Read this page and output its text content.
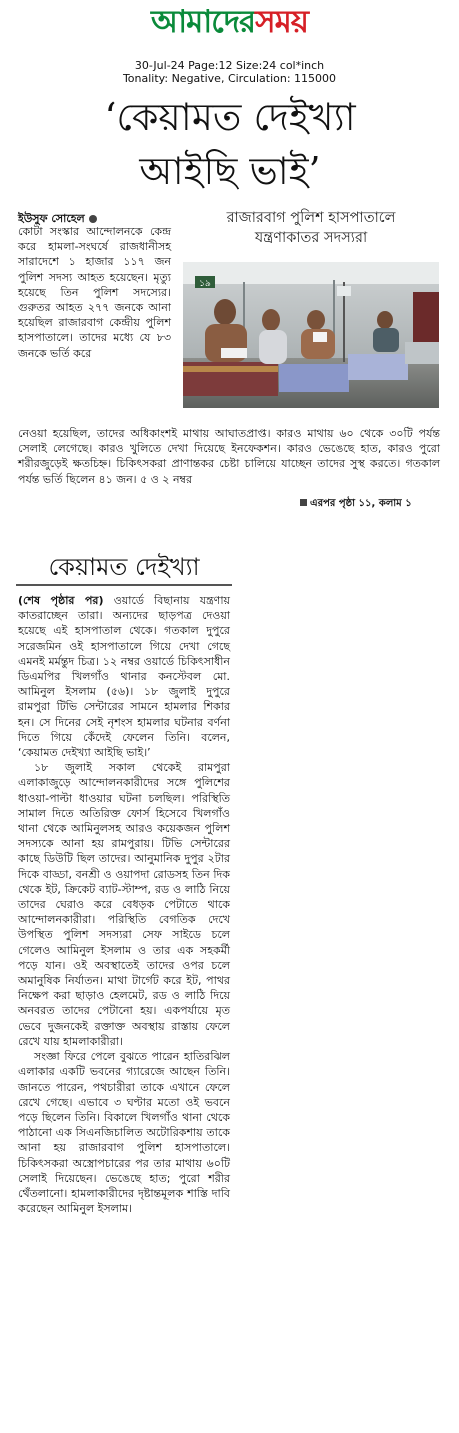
আমাদেরসময়
30-Jul-24 Page:12 Size:24 col*inch
Tonality: Negative, Circulation: 115000
‘কেয়ামত দেইখ্যা
আইছি ভাই’
ইউসুফ সোহেল	রাজারবাগ পুলিশ হাসপাতালে
যন্ত্রণাকাতর সদস্যরা
১৯
কোটা সংস্কার আন্দোলনকে কেন্দ্র করে হামলা-সংঘর্ষে রাজধানীসহ সারাদেশে ১ হাজার ১১৭ জন পুলিশ সদস্য আহত হয়েছেন। মৃত্যু হয়েছে তিন পুলিশ সদস্যের। গুরুতর আহত ২৭৭ জনকে আনা হয়েছিল রাজারবাগ কেন্দ্রীয় পুলিশ হাসপাতালে। তাদের মধ্যে যে ৮৩ জনকে ভর্তি করে
নেওয়া হয়েছিল, তাদের অধিকাংশই মাথায় আঘাতপ্রাপ্ত। কারও মাথায় ৬০ থেকে ৩০টি পর্যন্ত সেলাই লেগেছে। কারও খুলিতে দেখা দিয়েছে ইনফেকশন। কারও ভেঙেছে হাত, কারও পুরো শরীরজুড়েই ক্ষতচিহ্ন। চিকিৎসকরা প্রাণান্তকর চেষ্টা চালিয়ে যাচ্ছেন তাদের সুস্থ করতে। গতকাল পর্যন্ত ভর্তি ছিলেন ৪১ জন। ৫ ও ২ নম্বর
এরপর পৃষ্ঠা ১১, কলাম ১
কেয়ামত দেইখ্যা

(শেষ পৃষ্ঠার পর) ওয়ার্ডে বিছানায় যন্ত্রণায় কাতরাচ্ছেন তারা। অন্যদের ছাড়পত্র দেওয়া হয়েছে এই হাসপাতাল থেকে। গতকাল দুপুরে সরেজমিন ওই হাসপাতালে গিয়ে দেখা গেছে এমনই মর্মন্তুদ চিত্র। ১২ নম্বর ওয়ার্ডে চিকিৎসাধীন ডিএমপির খিলগাঁও থানার কনস্টেবল মো. আমিনুল ইসলাম (৫৬)। ১৮ জুলাই দুপুরে রামপুরা টিভি সেন্টারের সামনে হামলার শিকার হন। সে দিনের সেই নৃশংস হামলার ঘটনার বর্ণনা দিতে গিয়ে কেঁদেই ফেলেন তিনি। বলেন, ‘কেয়ামত দেইখ্যা আইছি ভাই।’

১৮ জুলাই সকাল থেকেই রামপুরা এলাকাজুড়ে আন্দোলনকারীদের সঙ্গে পুলিশের ধাওয়া-পাল্টা ধাওয়ার ঘটনা চলছিল। পরিস্থিতি সামাল দিতে অতিরিক্ত ফোর্স হিসেবে খিলগাঁও থানা থেকে আমিনুলসহ আরও কয়েকজন পুলিশ সদস্যকে আনা হয় রামপুরায়। টিভি সেন্টারের কাছে ডিউটি ছিল তাদের। আনুমানিক দুপুর ২টার দিকে বাড্ডা, বনশ্রী ও ওয়াপদা রোডসহ তিন দিক থেকে ইট, ক্রিকেট ব্যাট-স্টাম্প, রড ও লাঠি নিয়ে তাদের ঘেরাও করে বেধড়ক পেটাতে থাকে আন্দোলনকারীরা। পরিস্থিতি বেগতিক দেখে উপস্থিত পুলিশ সদস্যরা সেফ সাইডে চলে গেলেও আমিনুল ইসলাম ও তার এক সহকর্মী পড়ে যান। ওই অবস্থাতেই তাদের ওপর চলে অমানুষিক নির্যাতন। মাথা টার্গেট করে ইট, পাথর নিক্ষেপ করা ছাড়াও হেলমেট, রড ও লাঠি দিয়ে অনবরত তাদের পেটানো হয়। একপর্যায়ে মৃত ভেবে দুজনকেই রক্তাক্ত অবস্থায় রাস্তায় ফেলে রেখে যায় হামলাকারীরা।

সংজ্ঞা ফিরে পেলে বুঝতে পারেন হাতিরঝিল এলাকার একটি ভবনের গ্যারেজে আছেন তিনি। জানতে পারেন, পথচারীরা তাকে এখানে ফেলে রেখে গেছে। এভাবে ৩ ঘণ্টার মতো ওই ভবনে পড়ে ছিলেন তিনি। বিকালে খিলগাঁও থানা থেকে পাঠানো এক সিএনজিচালিত অটোরিকশায় তাকে আনা হয় রাজারবাগ পুলিশ হাসপাতালে। চিকিৎসকরা অস্ত্রোপচারের পর তার মাথায় ৬০টি সেলাই দিয়েছেন। ভেঙেছে হাত; পুরো শরীর থেঁতলানো। হামলাকারীদের দৃষ্টান্তমূলক শাস্তি দাবি করেছেন আমিনুল ইসলাম।
